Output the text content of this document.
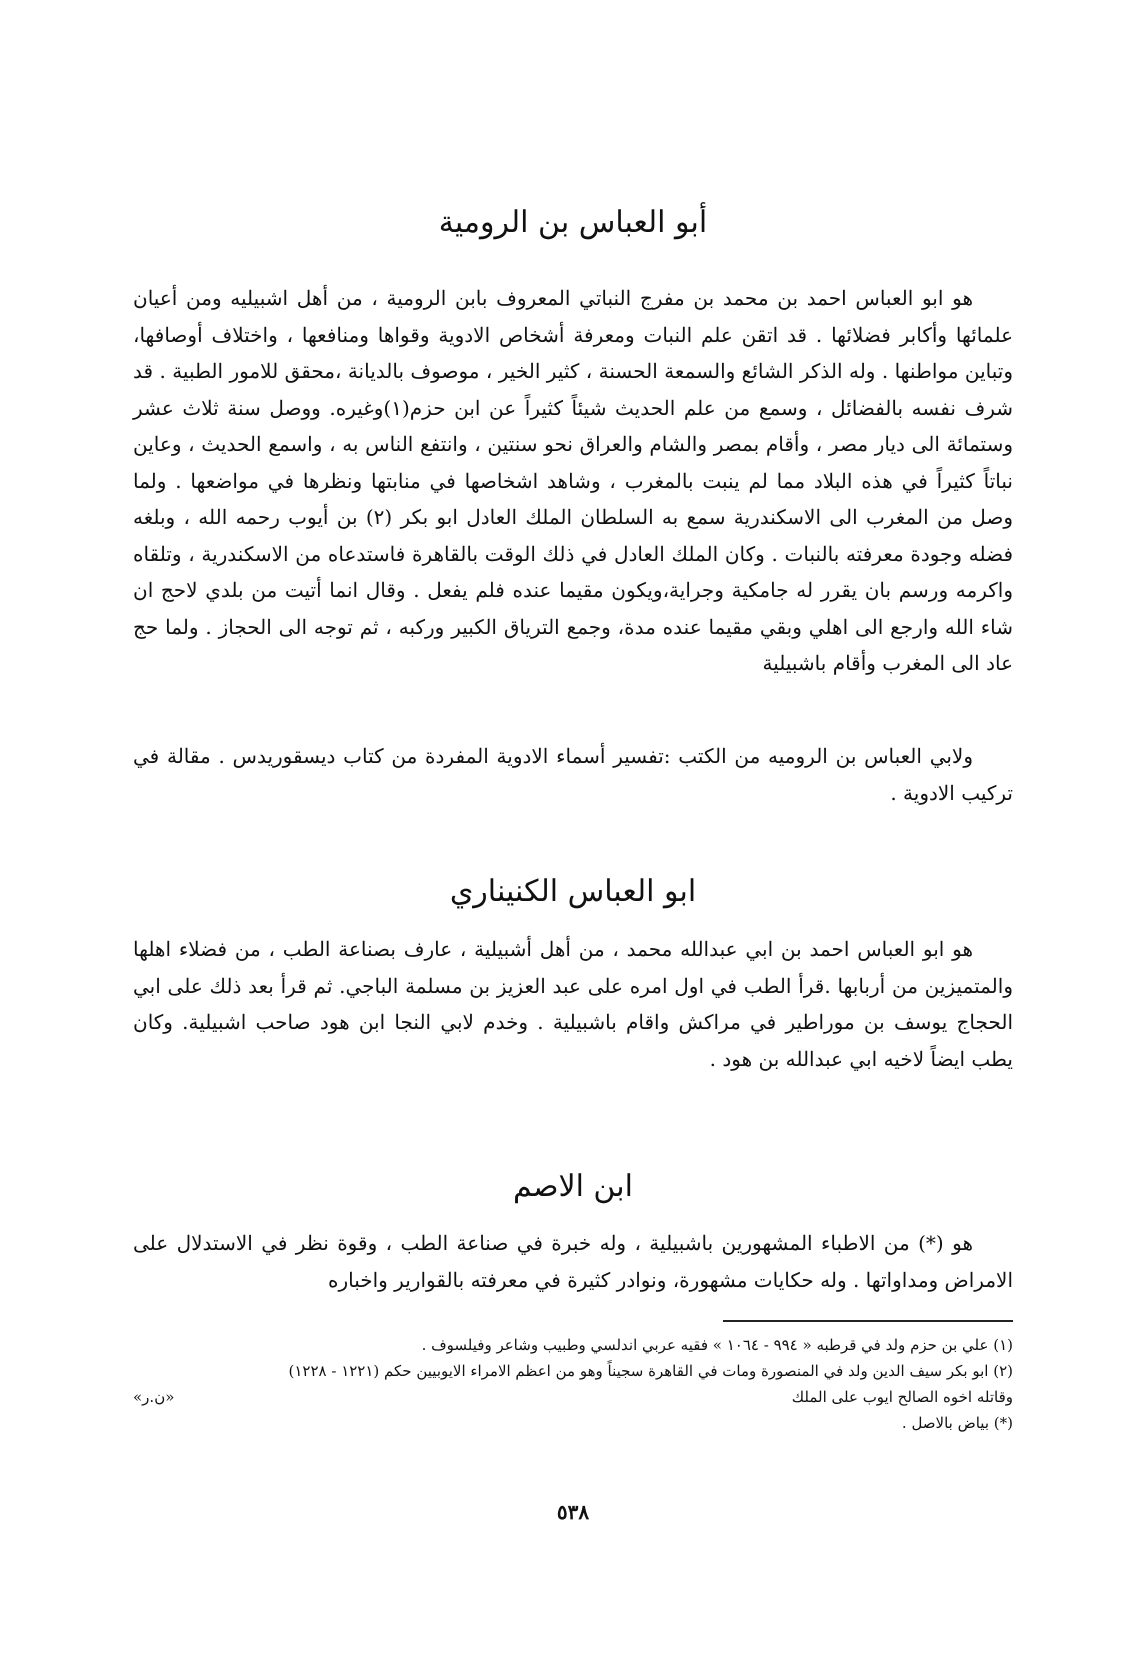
أبو العباس بن الرومية

هو ابو العباس احمد بن محمد بن مفرج النباتي المعروف بابن الرومية ، من أهل اشبيليه ومن أعيان علمائها وأكابر فضلائها . قد اتقن علم النبات ومعرفة أشخاص الادوية وقواها ومنافعها ، واختلاف أوصافها، وتباين مواطنها . وله الذكر الشائع والسمعة الحسنة ، كثير الخير ، موصوف بالديانة ،محقق للامور الطبية . قد شرف نفسه بالفضائل ، وسمع من علم الحديث شيئاً كثيراً عن ابن حزم(١)وغيره. ووصل سنة ثلاث عشر وستمائة الى ديار مصر ، وأقام بمصر والشام والعراق نحو سنتين ، وانتفع الناس به ، واسمع الحديث ، وعاين نباتاً كثيراً في هذه البلاد مما لم ينبت بالمغرب ، وشاهد اشخاصها في منابتها ونظرها في مواضعها . ولما وصل من المغرب الى الاسكندرية سمع به السلطان الملك العادل ابو بكر (٢) بن أيوب رحمه الله ، وبلغه فضله وجودة معرفته بالنبات . وكان الملك العادل في ذلك الوقت بالقاهرة فاستدعاه من الاسكندرية ، وتلقاه واكرمه ورسم بان يقرر له جامكية وجراية،ويكون مقيما عنده فلم يفعل . وقال انما أتيت من بلدي لاحج ان شاء الله وارجع الى اهلي وبقي مقيما عنده مدة، وجمع الترياق الكبير وركبه ، ثم توجه الى الحجاز . ولما حج عاد الى المغرب وأقام باشبيلية

ولابي العباس بن الروميه من الكتب :تفسير أسماء الادوية المفردة من كتاب ديسقوريدس . مقالة في تركيب الادوية .

ابو العباس الكنيناري

هو ابو العباس احمد بن ابي عبدالله محمد ، من أهل أشبيلية ، عارف بصناعة الطب ، من فضلاء اهلها والمتميزين من أربابها .قرأ الطب في اول امره على عبد العزيز بن مسلمة الباجي. ثم قرأ بعد ذلك على ابي الحجاج يوسف بن موراطير في مراكش واقام باشبيلية . وخدم لابي النجا ابن هود صاحب اشبيلية. وكان يطب ايضاً لاخيه ابي عبدالله بن هود .

ابن الاصم

هو (*) من الاطباء المشهورين باشبيلية ، وله خبرة في صناعة الطب ، وقوة نظر في الاستدلال على الامراض ومداواتها . وله حكايات مشهورة، ونوادر كثيرة في معرفته بالقوارير واخباره

(١) علي بن حزم ولد في قرطبه « ٩٩٤ - ١٠٦٤ » فقيه عربي اندلسي وطبيب وشاعر وفيلسوف .

(٢) ابو بكر سيف الدين ولد في المنصورة ومات في القاهرة سجيناً وهو من اعظم الامراء الايوبيين حكم (١٢٢١ - ١٢٢٨)

وقاتله اخوه الصالح ايوب على الملك
«ن.ر»

(*) بياض بالاصل .

٥٣٨
